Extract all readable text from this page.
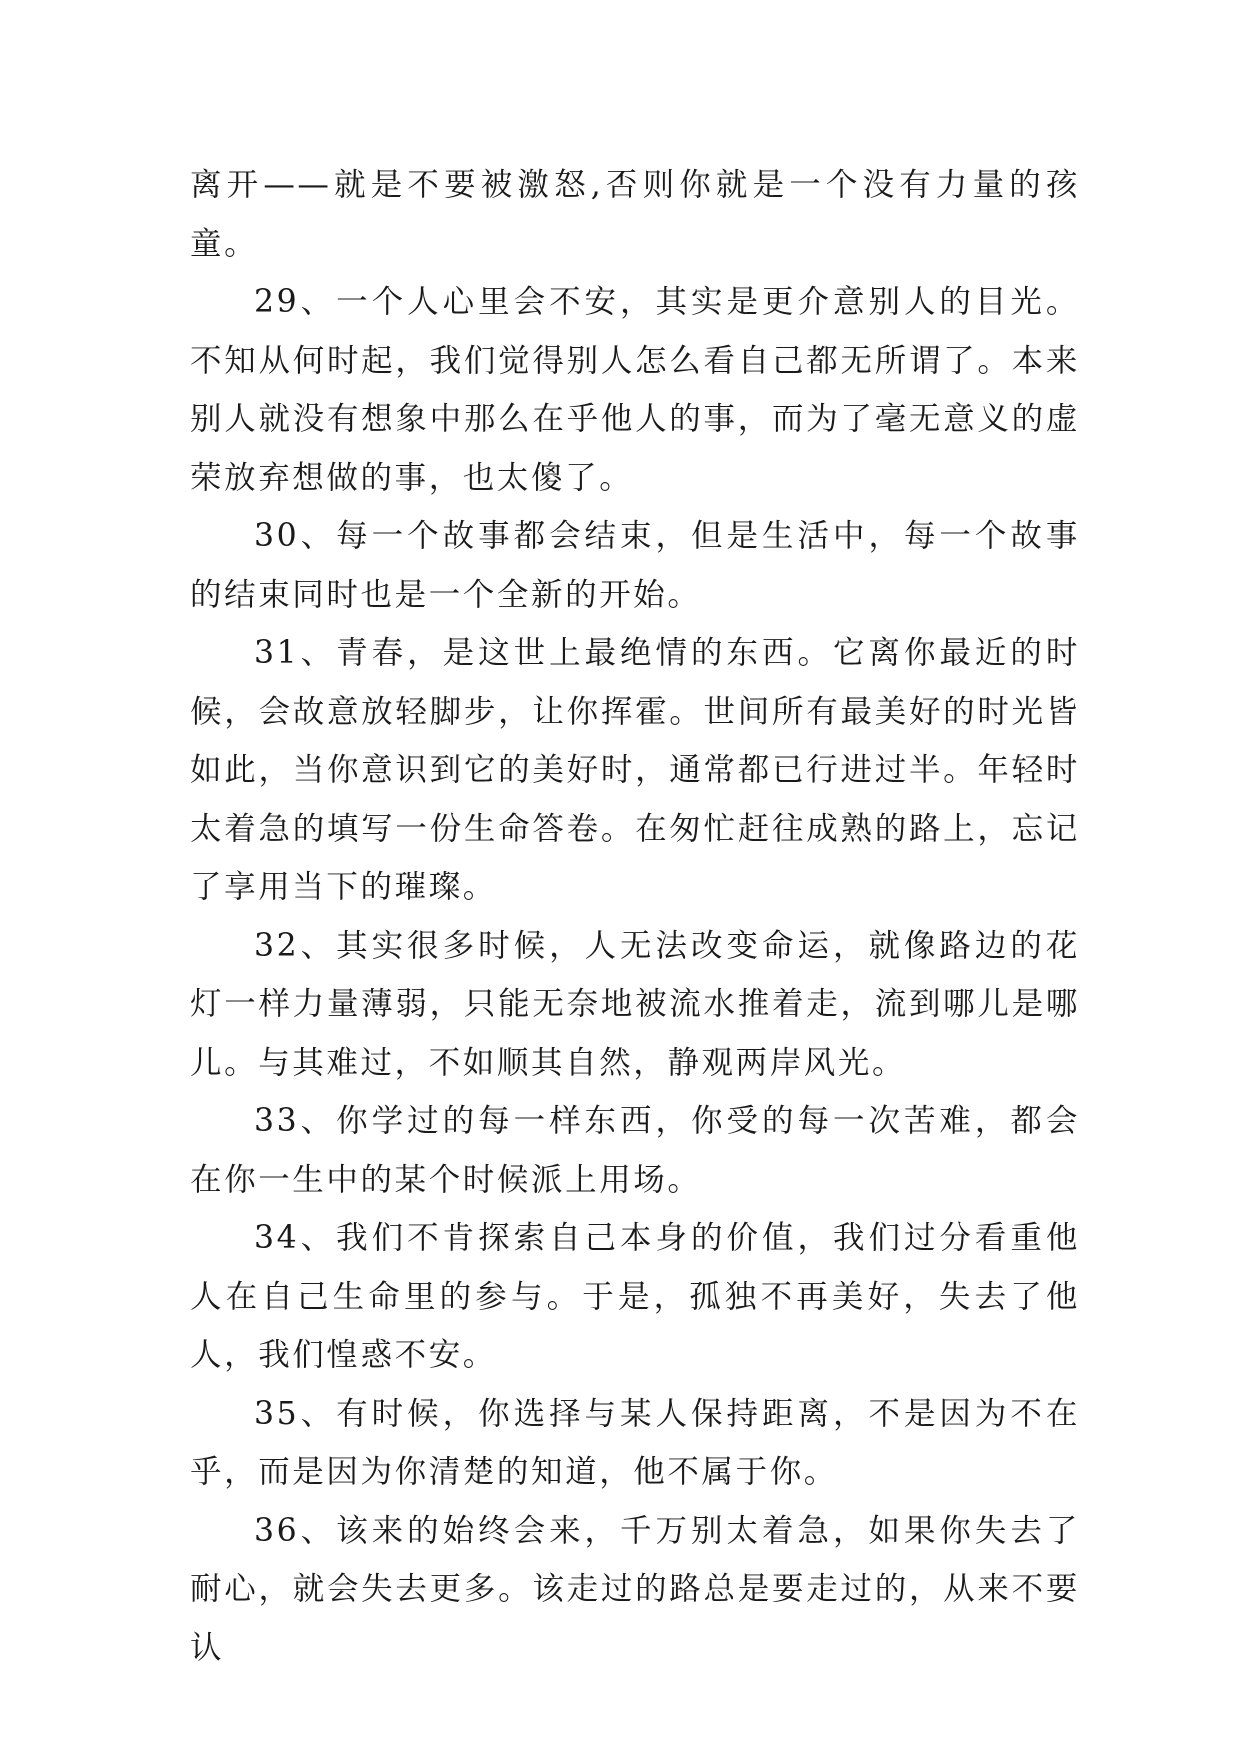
离开——就是不要被激怒,否则你就是一个没有力量的孩童。

29、一个人心里会不安，其实是更介意别人的目光。不知从何时起，我们觉得别人怎么看自己都无所谓了。本来别人就没有想象中那么在乎他人的事，而为了毫无意义的虚荣放弃想做的事，也太傻了。

30、每一个故事都会结束，但是生活中，每一个故事的结束同时也是一个全新的开始。

31、青春，是这世上最绝情的东西。它离你最近的时候，会故意放轻脚步，让你挥霍。世间所有最美好的时光皆如此，当你意识到它的美好时，通常都已行进过半。年轻时太着急的填写一份生命答卷。在匆忙赶往成熟的路上，忘记了享用当下的璀璨。

32、其实很多时候，人无法改变命运，就像路边的花灯一样力量薄弱，只能无奈地被流水推着走，流到哪儿是哪儿。与其难过，不如顺其自然，静观两岸风光。

33、你学过的每一样东西，你受的每一次苦难，都会在你一生中的某个时候派上用场。

34、我们不肯探索自己本身的价值，我们过分看重他人在自己生命里的参与。于是，孤独不再美好，失去了他人，我们惶惑不安。

35、有时候，你选择与某人保持距离，不是因为不在乎，而是因为你清楚的知道，他不属于你。

36、该来的始终会来，千万别太着急，如果你失去了耐心，就会失去更多。该走过的路总是要走过的，从来不要认
